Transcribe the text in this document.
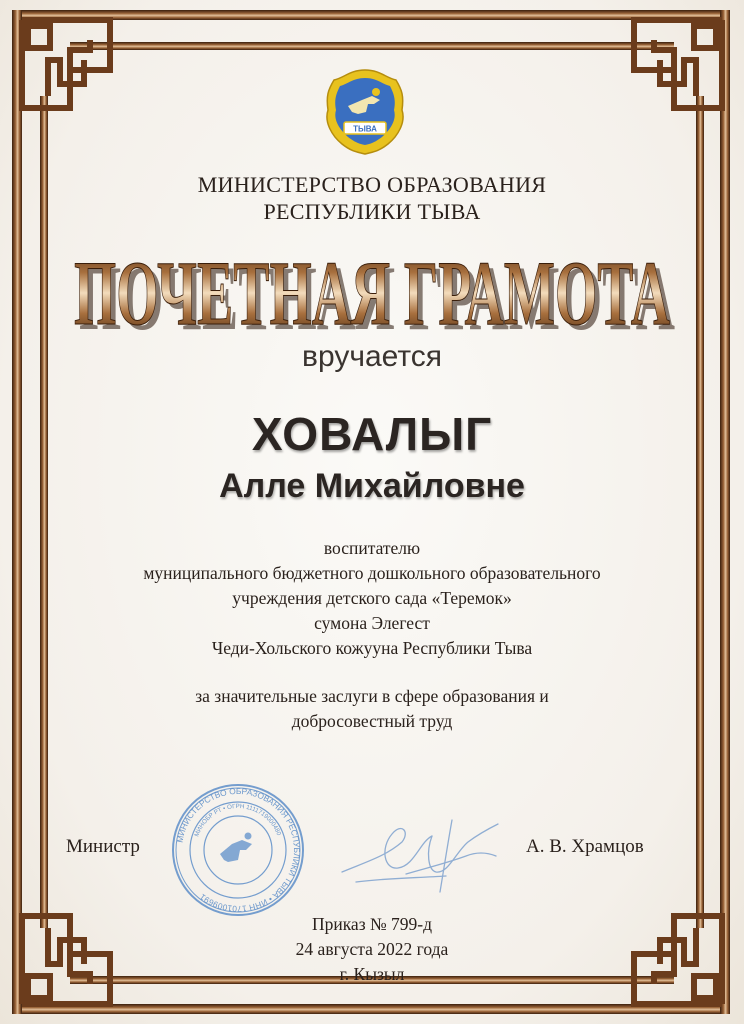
ТЫВА
МИНИСТЕРСТВО ОБРАЗОВАНИЯ
РЕСПУБЛИКИ ТЫВА
ПОЧЕТНАЯ ГРАМОТА
ПОЧЕТНАЯ ГРАМОТА
вручается
ХОВАЛЫГ
Алле Михайловне
воспитателю
муниципального бюджетного дошкольного образовательного
учреждения детского сада «Теремок»
сумона Элегест
Чеди-Хольского кожууна Республики Тыва
за значительные заслуги в сфере образования и
добросовестный труд
Министр	МИНИСТЕРСТВО ОБРАЗОВАНИЯ РЕСПУБЛИКИ ТЫВА • ИНН 1701009691
МИНОБР РТ • ОГРН 1111719000480
А. В. Храмцов
Приказ № 799-д
24 августа 2022 года
г. Кызыл
